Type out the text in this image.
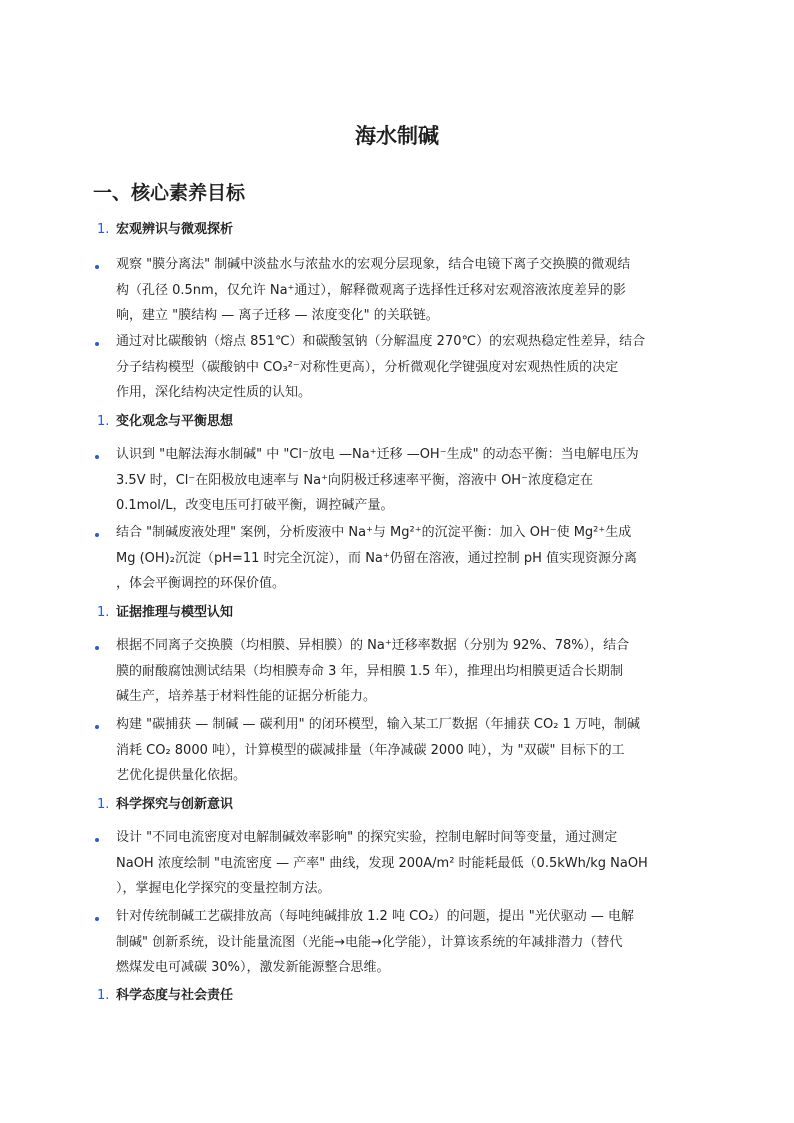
海水制碱
一、核心素养目标
1. 宏观辨识与微观探析
观察 "膜分离法" 制碱中淡盐水与浓盐水的宏观分层现象，结合电镜下离子交换膜的微观结
构（孔径 0.5nm，仅允许 Na⁺通过），解释微观离子选择性迁移对宏观溶液浓度差异的影
响，建立 "膜结构 — 离子迁移 — 浓度变化" 的关联链。
通过对比碳酸钠（熔点 851℃）和碳酸氢钠（分解温度 270℃）的宏观热稳定性差异，结合
分子结构模型（碳酸钠中 CO₃²⁻对称性更高），分析微观化学键强度对宏观热性质的决定
作用，深化结构决定性质的认知。
1. 变化观念与平衡思想
认识到 "电解法海水制碱" 中 "Cl⁻放电 —Na⁺迁移 —OH⁻生成" 的动态平衡：当电解电压为
3.5V 时，Cl⁻在阳极放电速率与 Na⁺向阴极迁移速率平衡，溶液中 OH⁻浓度稳定在
0.1mol/L，改变电压可打破平衡，调控碱产量。
结合 "制碱废液处理" 案例，分析废液中 Na⁺与 Mg²⁺的沉淀平衡：加入 OH⁻使 Mg²⁺生成
Mg (OH)₂沉淀（pH=11 时完全沉淀），而 Na⁺仍留在溶液，通过控制 pH 值实现资源分离
，体会平衡调控的环保价值。
1. 证据推理与模型认知
根据不同离子交换膜（均相膜、异相膜）的 Na⁺迁移率数据（分别为 92%、78%），结合
膜的耐酸腐蚀测试结果（均相膜寿命 3 年，异相膜 1.5 年），推理出均相膜更适合长期制
碱生产，培养基于材料性能的证据分析能力。
构建 "碳捕获 — 制碱 — 碳利用" 的闭环模型，输入某工厂数据（年捕获 CO₂ 1 万吨，制碱
消耗 CO₂ 8000 吨），计算模型的碳减排量（年净减碳 2000 吨），为 "双碳" 目标下的工
艺优化提供量化依据。
1. 科学探究与创新意识
设计 "不同电流密度对电解制碱效率影响" 的探究实验，控制电解时间等变量，通过测定
NaOH 浓度绘制 "电流密度 — 产率" 曲线，发现 200A/m² 时能耗最低（0.5kWh/kg NaOH
），掌握电化学探究的变量控制方法。
针对传统制碱工艺碳排放高（每吨纯碱排放 1.2 吨 CO₂）的问题，提出 "光伏驱动 — 电解
制碱" 创新系统，设计能量流图（光能→电能→化学能），计算该系统的年减排潜力（替代
燃煤发电可减碳 30%），激发新能源整合思维。
1. 科学态度与社会责任
